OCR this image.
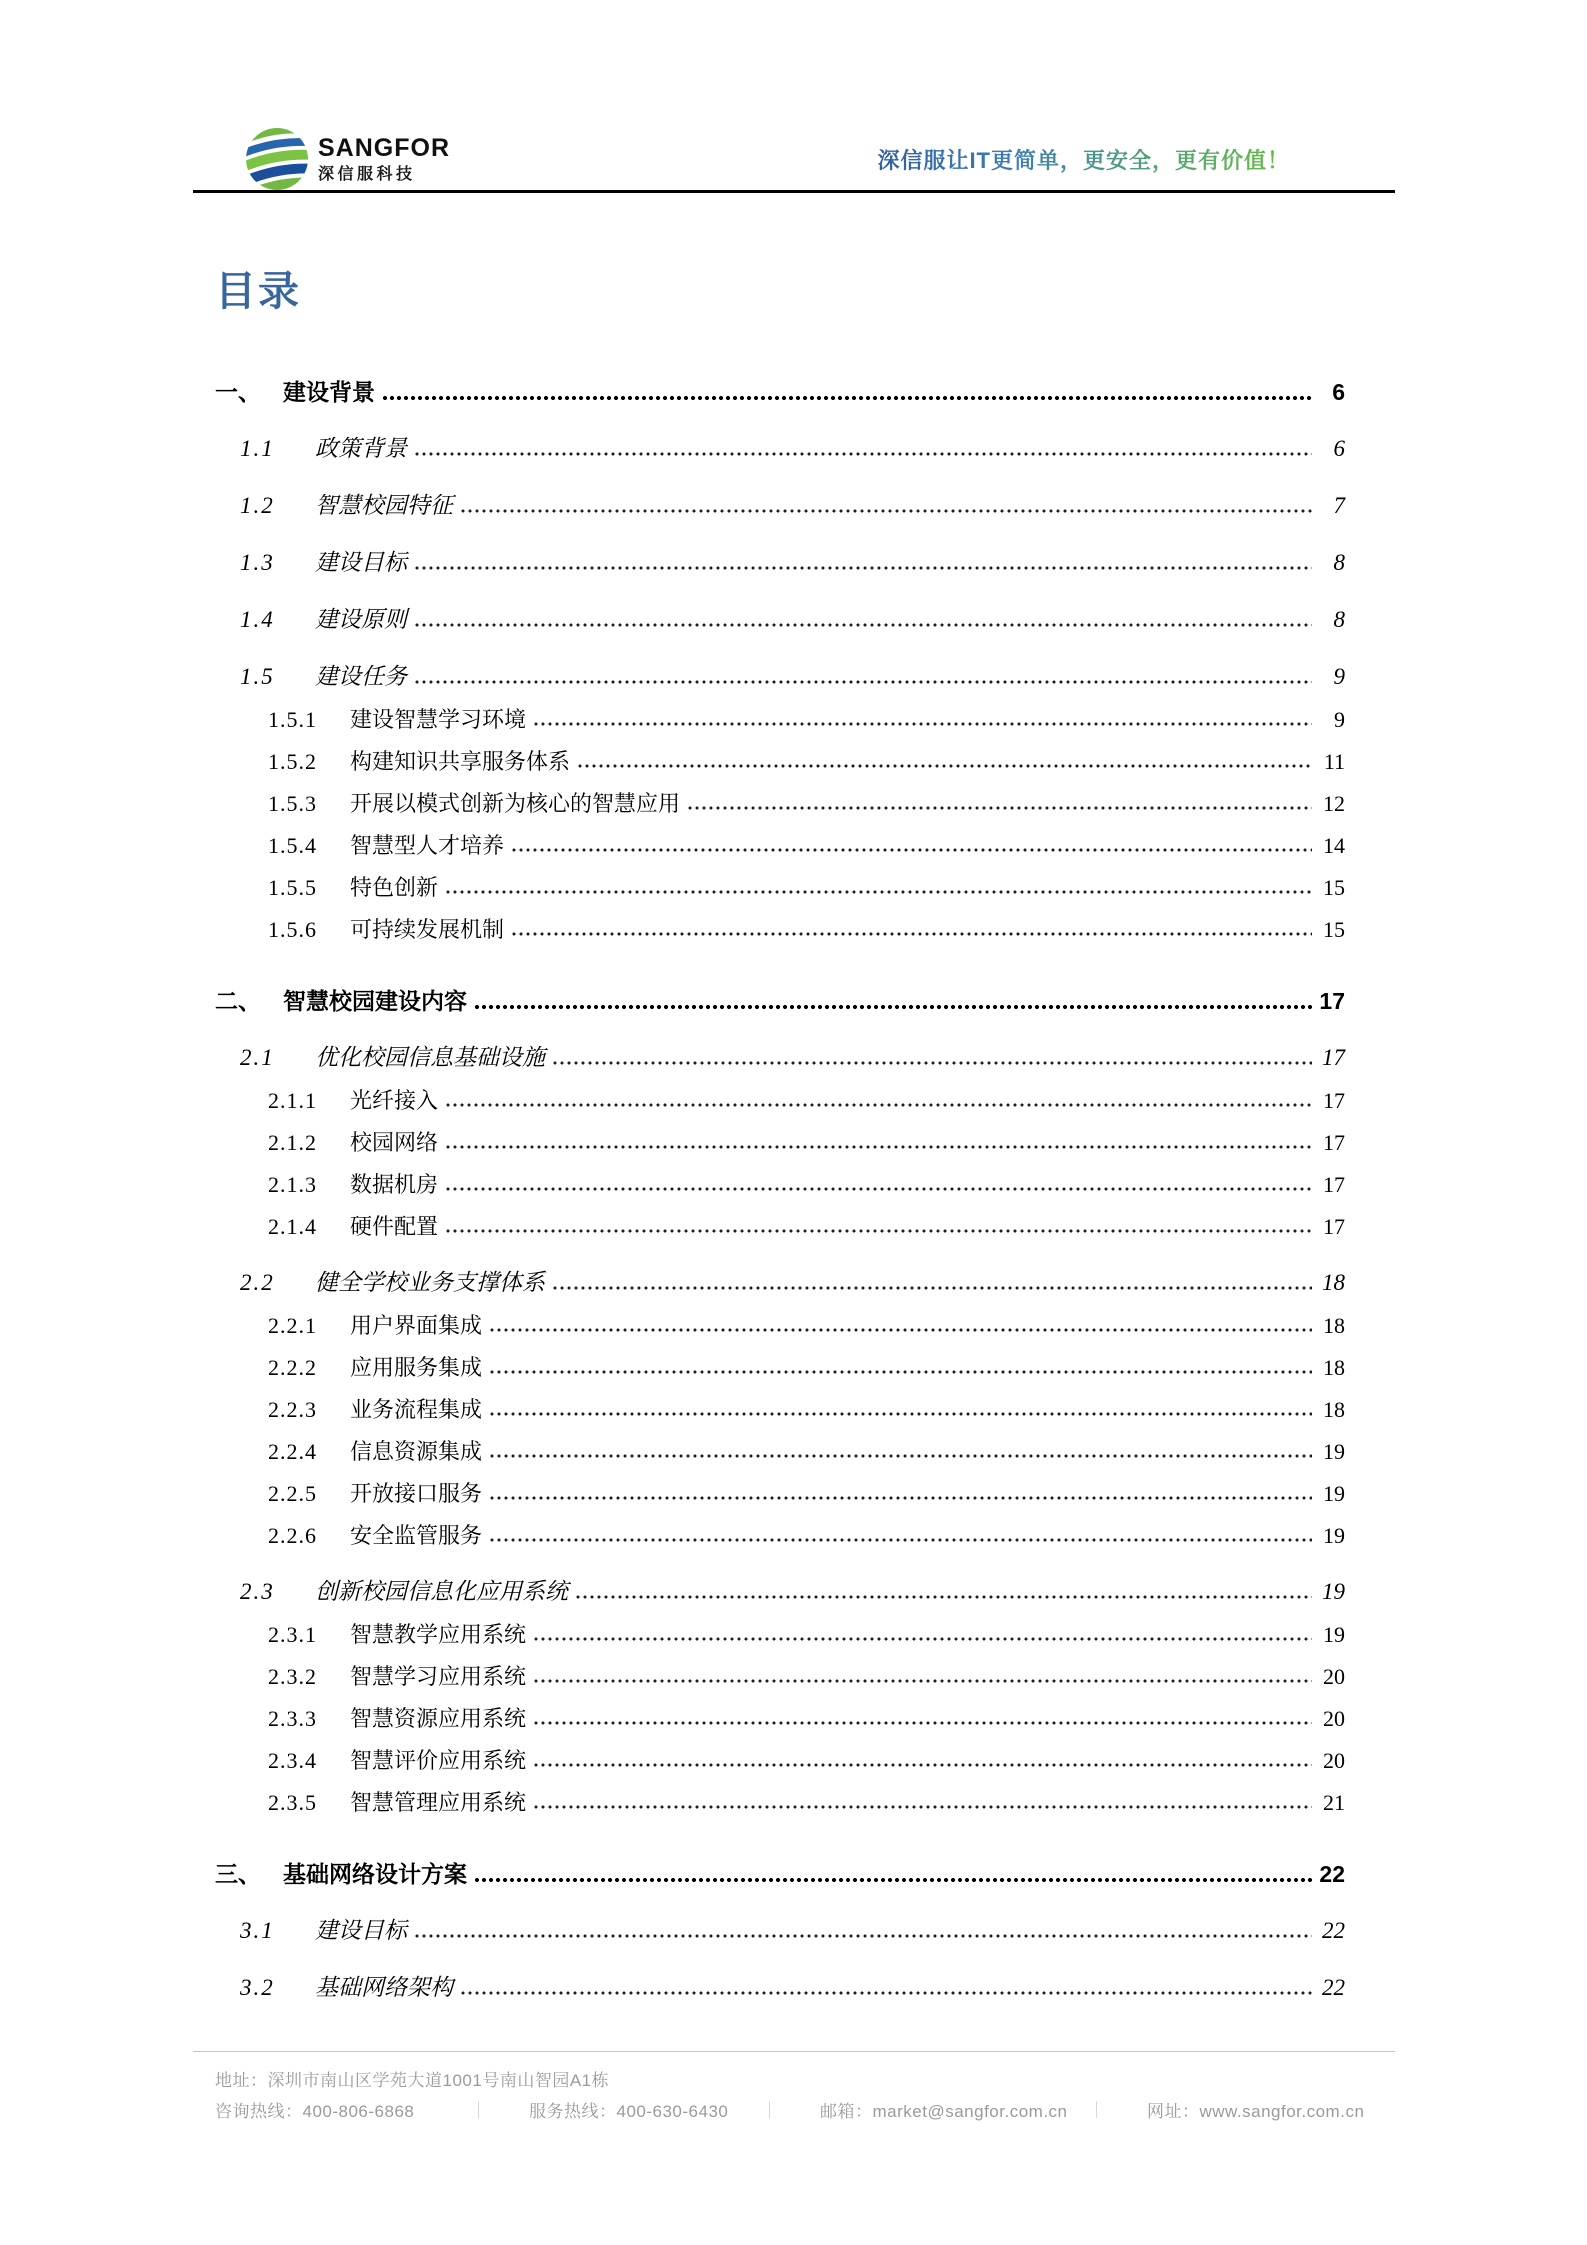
SANGFOR
深信服科技
深信服让IT更简单，更安全，更有价值！
目录
一、 建设背景	6
1.1	政策背景	6
1.2	智慧校园特征	7
1.3	建设目标	8
1.4	建设原则	8
1.5	建设任务	9
1.5.1	建设智慧学习环境	9
1.5.2	构建知识共享服务体系	11
1.5.3	开展以模式创新为核心的智慧应用	12
1.5.4	智慧型人才培养	14
1.5.5	特色创新	15
1.5.6	可持续发展机制	15
二、 智慧校园建设内容	17
2.1	优化校园信息基础设施	17
2.1.1	光纤接入	17
2.1.2	校园网络	17
2.1.3	数据机房	17
2.1.4	硬件配置	17
2.2	健全学校业务支撑体系	18
2.2.1	用户界面集成	18
2.2.2	应用服务集成	18
2.2.3	业务流程集成	18
2.2.4	信息资源集成	19
2.2.5	开放接口服务	19
2.2.6	安全监管服务	19
2.3	创新校园信息化应用系统	19
2.3.1	智慧教学应用系统	19
2.3.2	智慧学习应用系统	20
2.3.3	智慧资源应用系统	20
2.3.4	智慧评价应用系统	20
2.3.5	智慧管理应用系统	21
三、 基础网络设计方案	22
3.1	建设目标	22
3.2	基础网络架构	22
地址：深圳市南山区学苑大道1001号南山智园A1栋
咨询热线：400-806-6868	服务热线：400-630-6430	邮箱：market@sangfor.com.cn	网址：www.sangfor.com.cn
